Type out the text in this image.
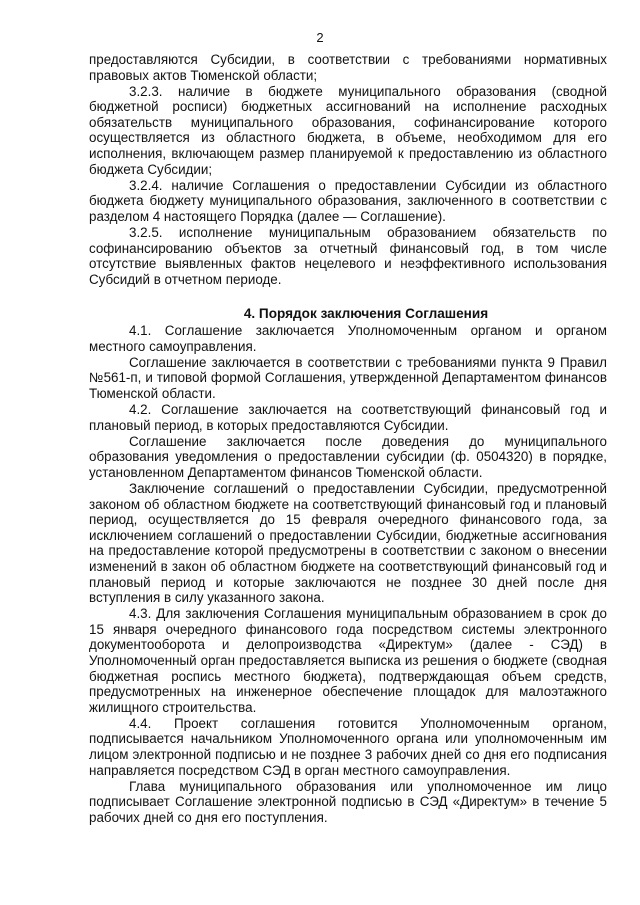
2

предоставляются Субсидии, в соответствии с требованиями нормативных правовых актов Тюменской области;

3.2.3. наличие в бюджете муниципального образования (сводной бюджетной росписи) бюджетных ассигнований на исполнение расходных обязательств муниципального образования, софинансирование которого осуществляется из областного бюджета, в объеме, необходимом для его исполнения, включающем размер планируемой к предоставлению из областного бюджета Субсидии;

3.2.4. наличие Соглашения о предоставлении Субсидии из областного бюджета бюджету муниципального образования, заключенного в соответствии с разделом 4 настоящего Порядка (далее — Соглашение).

3.2.5. исполнение муниципальным образованием обязательств по софинансированию объектов за отчетный финансовый год, в том числе отсутствие выявленных фактов нецелевого и неэффективного использования Субсидий в отчетном периоде.

4. Порядок заключения Соглашения

4.1. Соглашение заключается Уполномоченным органом и органом местного самоуправления.

Соглашение заключается в соответствии с требованиями пункта 9 Правил №561-п, и типовой формой Соглашения, утвержденной Департаментом финансов Тюменской области.

4.2. Соглашение заключается на соответствующий финансовый год и плановый период, в которых предоставляются Субсидии.

Соглашение заключается после доведения до муниципального образования уведомления о предоставлении субсидии (ф. 0504320) в порядке, установленном Департаментом финансов Тюменской области.

Заключение соглашений о предоставлении Субсидии, предусмотренной законом об областном бюджете на соответствующий финансовый год и плановый период, осуществляется до 15 февраля очередного финансового года, за исключением соглашений о предоставлении Субсидии, бюджетные ассигнования на предоставление которой предусмотрены в соответствии с законом о внесении изменений в закон об областном бюджете на соответствующий финансовый год и плановый период и которые заключаются не позднее 30 дней после дня вступления в силу указанного закона.

4.3. Для заключения Соглашения муниципальным образованием в срок до 15 января очередного финансового года посредством системы электронного документооборота и делопроизводства «Директум» (далее - СЭД) в Уполномоченный орган предоставляется выписка из решения о бюджете (сводная бюджетная роспись местного бюджета), подтверждающая объем средств, предусмотренных на инженерное обеспечение площадок для малоэтажного жилищного строительства.

4.4. Проект соглашения готовится Уполномоченным органом, подписывается начальником Уполномоченного органа или уполномоченным им лицом электронной подписью и не позднее 3 рабочих дней со дня его подписания направляется посредством СЭД в орган местного самоуправления.

Глава муниципального образования или уполномоченное им лицо подписывает Соглашение электронной подписью в СЭД «Директум» в течение 5 рабочих дней со дня его поступления.
